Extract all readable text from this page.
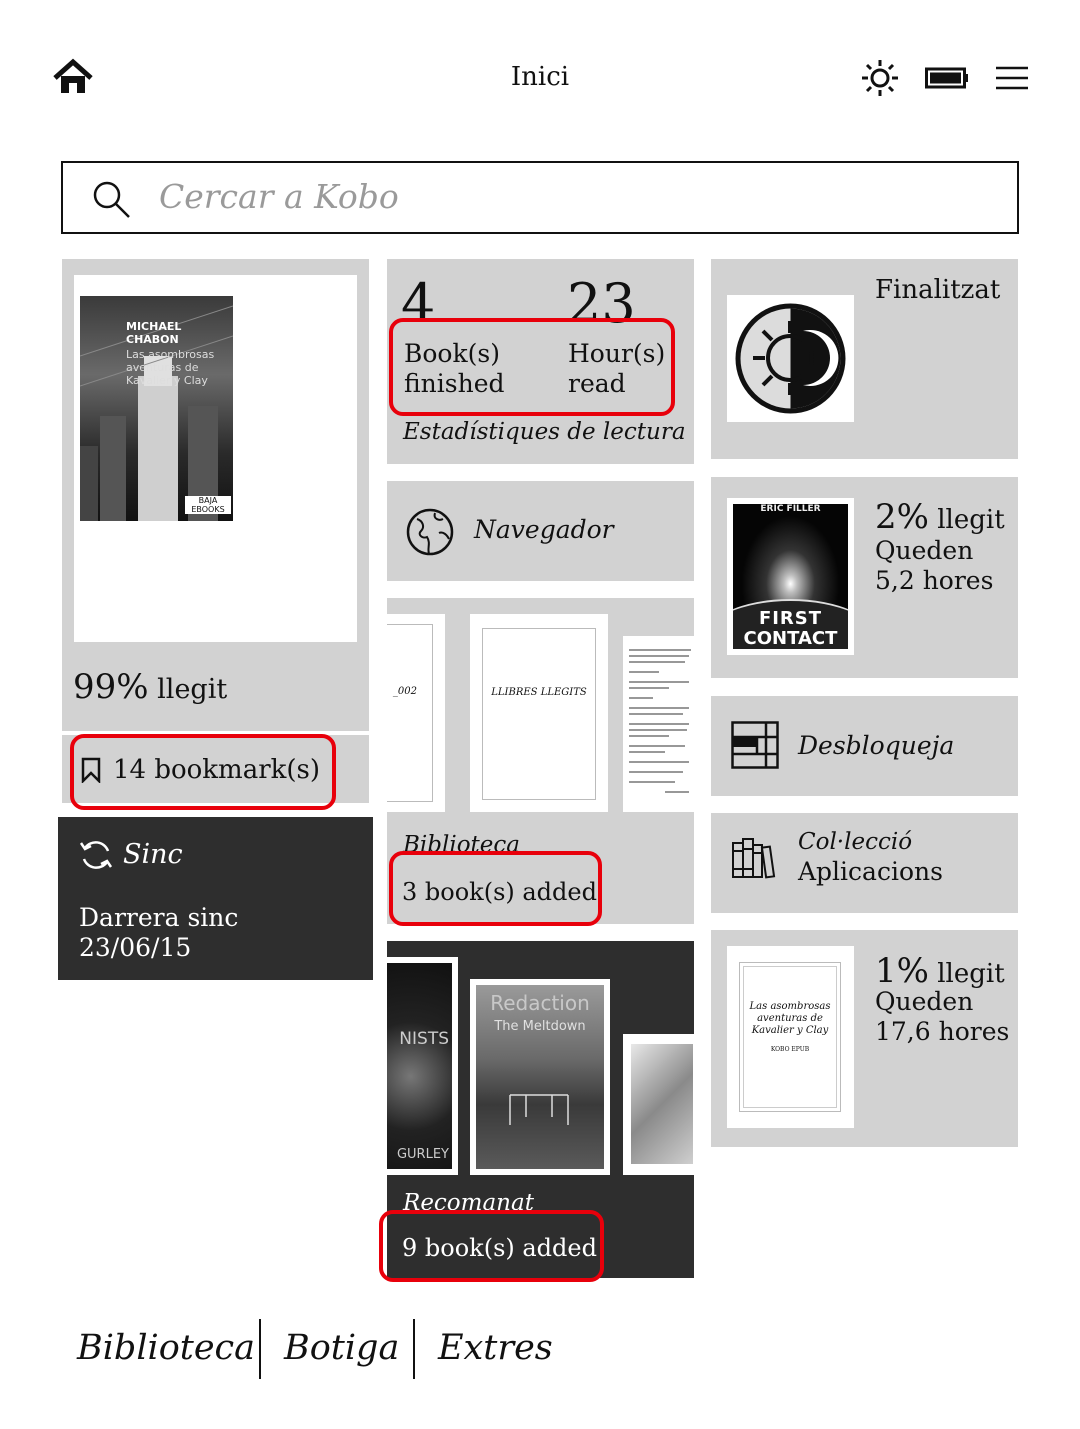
Inici
Cercar a Kobo
MICHAEL CHABON
Las asombrosas aventuras de Kavalier y Clay
BAJA EBOOKS
99% llegit
14 bookmark(s)
Sinc
Darrera sinc
23/06/15
4 23
Book(s)
finished
Hour(s)
read
Estadístiques de lectura
Navegador
_002	LLIBRES LLEGITS
Biblioteca
3 book(s) added
NISTS
GURLEY
Redaction
The Meltdown
Recomanat
9 book(s) added
Finalitzat
ERIC FILLER
FIRST
CONTACT
2% llegit
Queden
5,2 hores
Desbloqueja
Col·lecció
Aplicacions
Las asombrosas aventuras de Kavalier y Clay
KOBO EPUB
1% llegit
Queden
17,6 hores
Biblioteca Botiga Extres
